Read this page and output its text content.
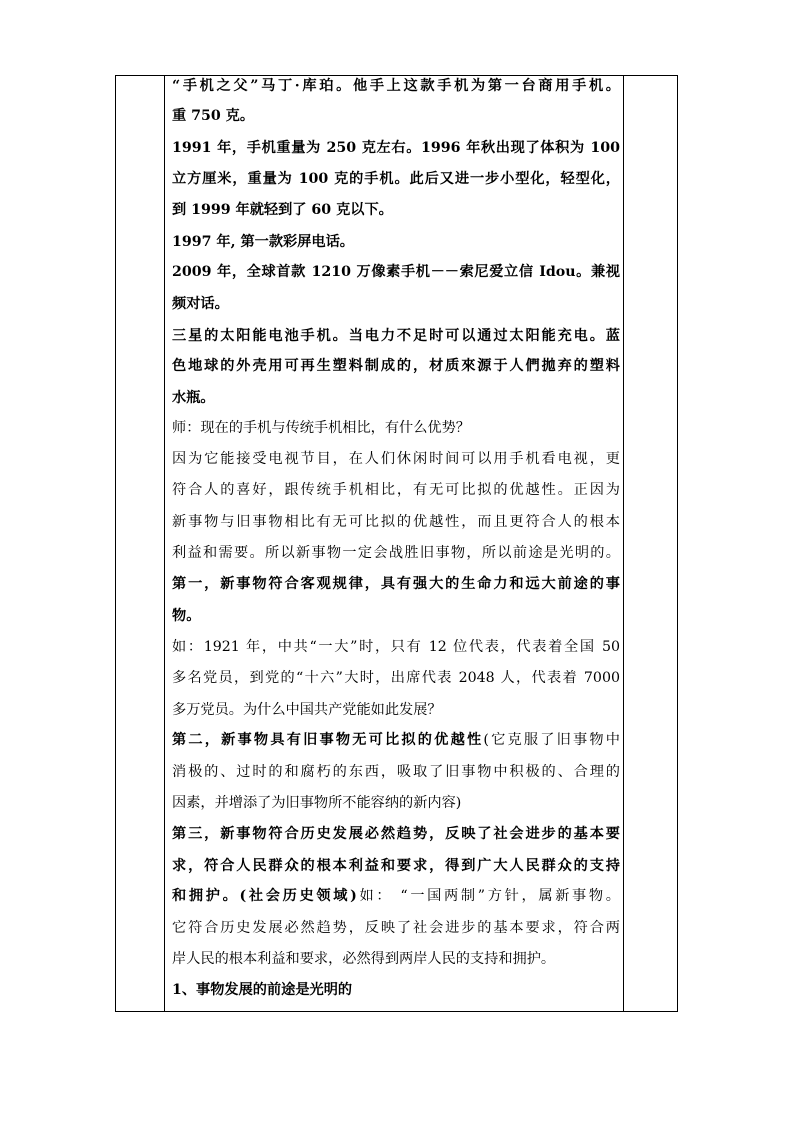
“手机之父”马丁·库珀。他手上这款手机为第一台商用手机。
重 750 克。
1991 年，手机重量为 250 克左右。1996 年秋出现了体积为 100
立方厘米，重量为 100 克的手机。此后又进一步小型化，轻型化，
到 1999 年就轻到了 60 克以下。
1997 年, 第一款彩屏电话。
2009 年，全球首款 1210 万像素手机－－索尼爱立信 Idou。兼视
频对话。
三星的太阳能电池手机。当电力不足时可以通过太阳能充电。蓝
色地球的外壳用可再生塑料制成的，材质來源于人們拋弃的塑料
水瓶。
师：现在的手机与传统手机相比，有什么优势？
因为它能接受电视节目，在人们休闲时间可以用手机看电视，更
符合人的喜好，跟传统手机相比，有无可比拟的优越性。正因为
新事物与旧事物相比有无可比拟的优越性，而且更符合人的根本
利益和需要。所以新事物一定会战胜旧事物，所以前途是光明的。
第一，新事物符合客观规律，具有强大的生命力和远大前途的事
物。
如：1921 年，中共“一大”时，只有 12 位代表，代表着全国 50
多名党员，到党的“十六”大时，出席代表 2048 人，代表着 7000
多万党员。为什么中国共产党能如此发展？
第二，新事物具有旧事物无可比拟的优越性(它克服了旧事物中
消极的、过时的和腐朽的东西，吸取了旧事物中积极的、合理的
因素，并增添了为旧事物所不能容纳的新内容)
第三，新事物符合历史发展必然趋势，反映了社会进步的基本要
求，符合人民群众的根本利益和要求，得到广大人民群众的支持
和拥护。(社会历史领域)如： “一国两制”方针，属新事物。
它符合历史发展必然趋势，反映了社会进步的基本要求，符合两
岸人民的根本利益和要求，必然得到两岸人民的支持和拥护。
1、事物发展的前途是光明的
